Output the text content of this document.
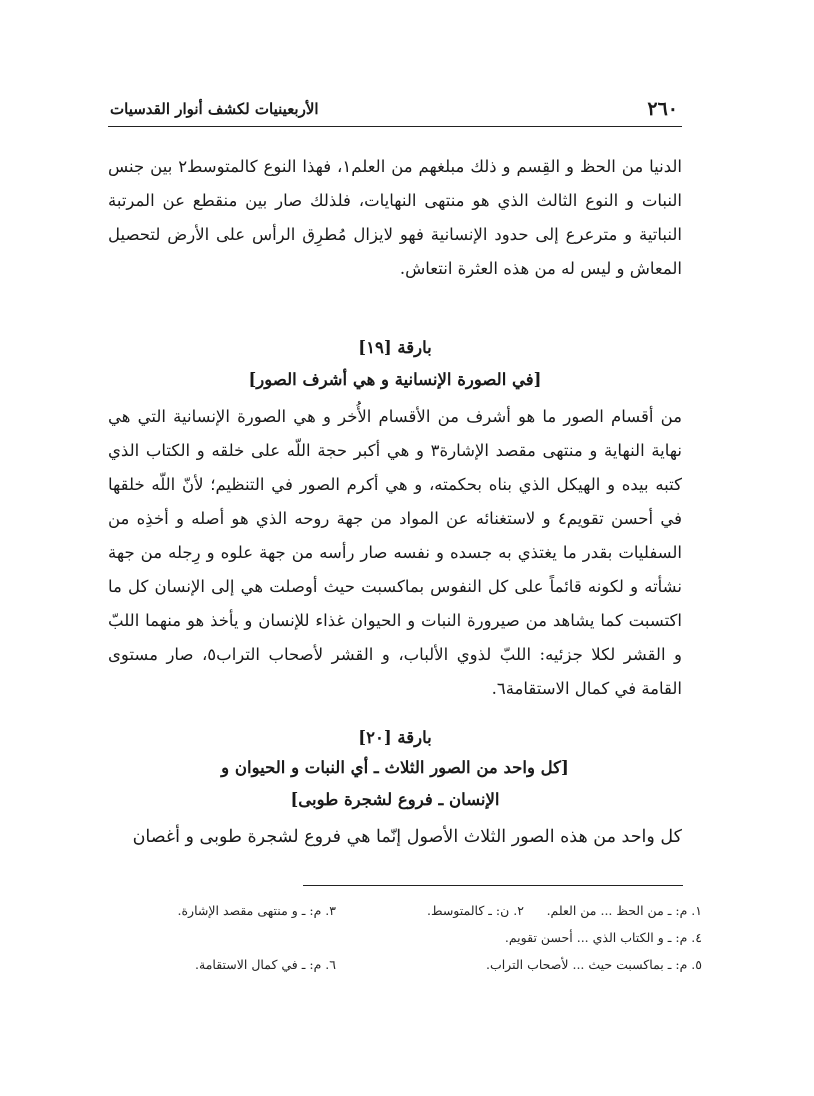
٢٦٠
الأربعينيات لكشف أنوار القدسيات
الدنيا من الحظ و القِسم و ذلك مبلغهم من العلم١، فهذا النوع كالمتوسط٢ بين جنس النبات و النوع الثالث الذي هو منتهى النهايات، فلذلك صار بين منقطع عن المرتبة النباتية و مترعرع إلى حدود الإنسانية فهو لايزال مُطرِق الرأس على الأرض لتحصيل المعاش و ليس له من هذه العثرة انتعاش.
بارقة [١٩]
[في الصورة الإنسانية و هي أشرف الصور]
من أقسام الصور ما هو أشرف من الأقسام الأُخر و هي الصورة الإنسانية التي هي نهاية النهاية و منتهى مقصد الإشارة٣ و هي أكبر حجة اللّه على خلقه و الكتاب الذي كتبه بيده و الهيكل الذي بناه بحكمته، و هي أكرم الصور في التنظيم؛ لأنّ اللّه خلقها في أحسن تقويم٤ و لاستغنائه عن المواد من جهة روحه الذي هو أصله و أخذِه من السفليات بقدر ما يغتذي به جسده و نفسه صار رأسه من جهة علوه و رِجله من جهة نشأته و لكونه قائماً على كل النفوس بماكسبت حيث أوصلت هي إلى الإنسان كل ما اكتسبت كما يشاهد من صيرورة النبات و الحيوان غذاء للإنسان و يأخذ هو منهما اللبّ و القشر لكلا جزئيه: اللبّ لذوي الألباب، و القشر لأصحاب التراب٥، صار مستوى القامة في كمال الاستقامة٦.
بارقة [٢٠]
[كل واحد من الصور الثلاث ـ أي النبات و الحيوان و
الإنسان ـ فروع لشجرة طوبى]
كل واحد من هذه الصور الثلاث الأصول إنّما هي فروع لشجرة طوبى و أغصان
١. م: ـ من الحظ ... من العلم.
٢. ن: ـ كالمتوسط.
٣. م: ـ و منتهى مقصد الإشارة.
٤. م: ـ و الكتاب الذي ... أحسن تقويم.
٥. م: ـ بماكسبت حيث ... لأصحاب التراب.
٦. م: ـ في كمال الاستقامة.
